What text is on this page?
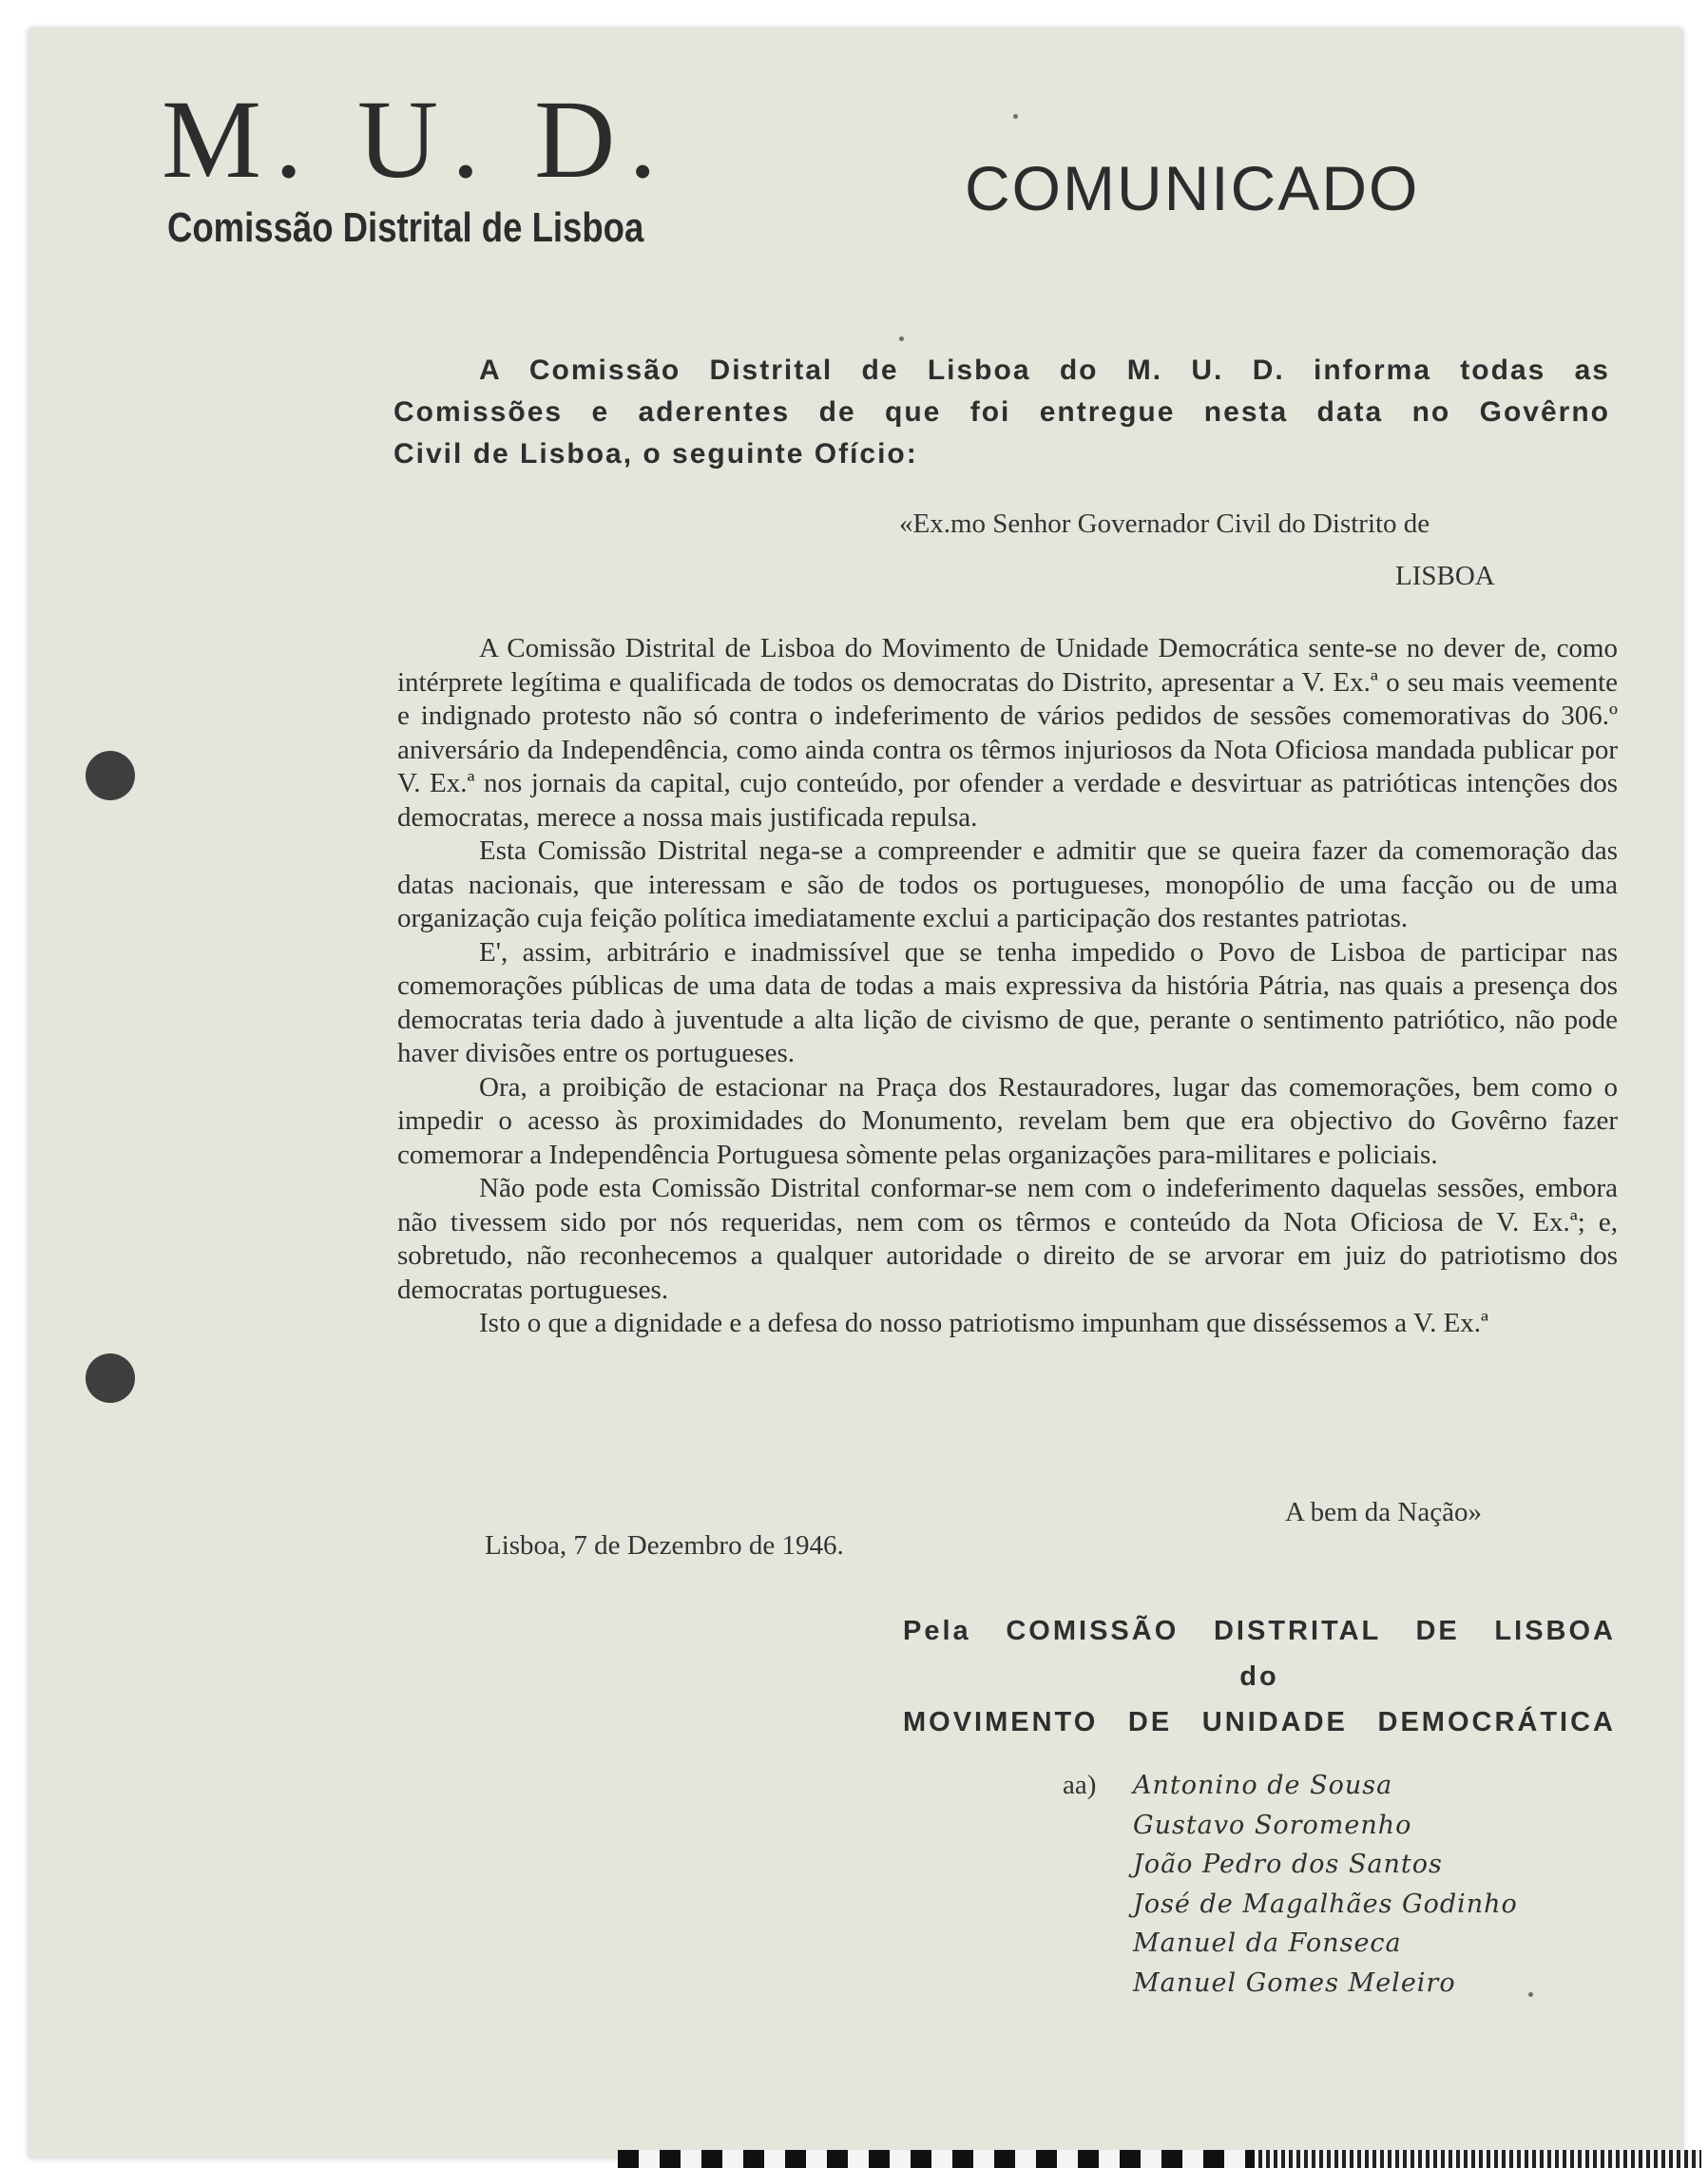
M. U. D.
Comissão Distrital de Lisboa
COMUNICADO
A Comissão Distrital de Lisboa do M. U. D. informa todas as
Comissões e aderentes de que foi entregue nesta data no Govêrno
Civil de Lisboa, o seguinte Ofício:
«Ex.mo Senhor Governador Civil do Distrito de
LISBOA

A Comissão Distrital de Lisboa do Movimento de Unidade Democrática sente-se no dever de, como intérprete legítima e qualificada de todos os democratas do Distrito, apresentar a V. Ex.ª o seu mais veemente e indignado protesto não só contra o indeferimento de vários pedidos de sessões comemorativas do 306.º aniversário da Independência, como ainda contra os têrmos injuriosos da Nota Oficiosa mandada publicar por V. Ex.ª nos jornais da capital, cujo conteúdo, por ofender a verdade e desvirtuar as patrióticas intenções dos democratas, merece a nossa mais justificada repulsa.

Esta Comissão Distrital nega-se a compreender e admitir que se queira fazer da comemoração das datas nacionais, que interessam e são de todos os portugueses, monopólio de uma facção ou de uma organização cuja feição política imediatamente exclui a participação dos restantes patriotas.

E', assim, arbitrário e inadmissível que se tenha impedido o Povo de Lisboa de participar nas comemorações públicas de uma data de todas a mais expressiva da história Pátria, nas quais a presença dos democratas teria dado à juventude a alta lição de civismo de que, perante o sentimento patriótico, não pode haver divisões entre os portugueses.

Ora, a proibição de estacionar na Praça dos Restauradores, lugar das comemorações, bem como o impedir o acesso às proximidades do Monumento, revelam bem que era objectivo do Govêrno fazer comemorar a Independência Portuguesa sòmente pelas organizações para-militares e policiais.

Não pode esta Comissão Distrital conformar-se nem com o indeferimento daquelas sessões, embora não tivessem sido por nós requeridas, nem com os têrmos e conteúdo da Nota Oficiosa de V. Ex.ª; e, sobretudo, não reconhecemos a qualquer autoridade o direito de se arvorar em juiz do patriotismo dos democratas portugueses.

Isto o que a dignidade e a defesa do nosso patriotismo impunham que disséssemos a V. Ex.ª

A bem da Nação»
Lisboa, 7 de Dezembro de 1946.
Pela COMISSÃO DISTRITAL DE LISBOA
do
MOVIMENTO DE UNIDADE DEMOCRÁTICA
aa) Antonino de Sousa
Gustavo Soromenho
João Pedro dos Santos
José de Magalhães Godinho
Manuel da Fonseca
Manuel Gomes Meleiro
